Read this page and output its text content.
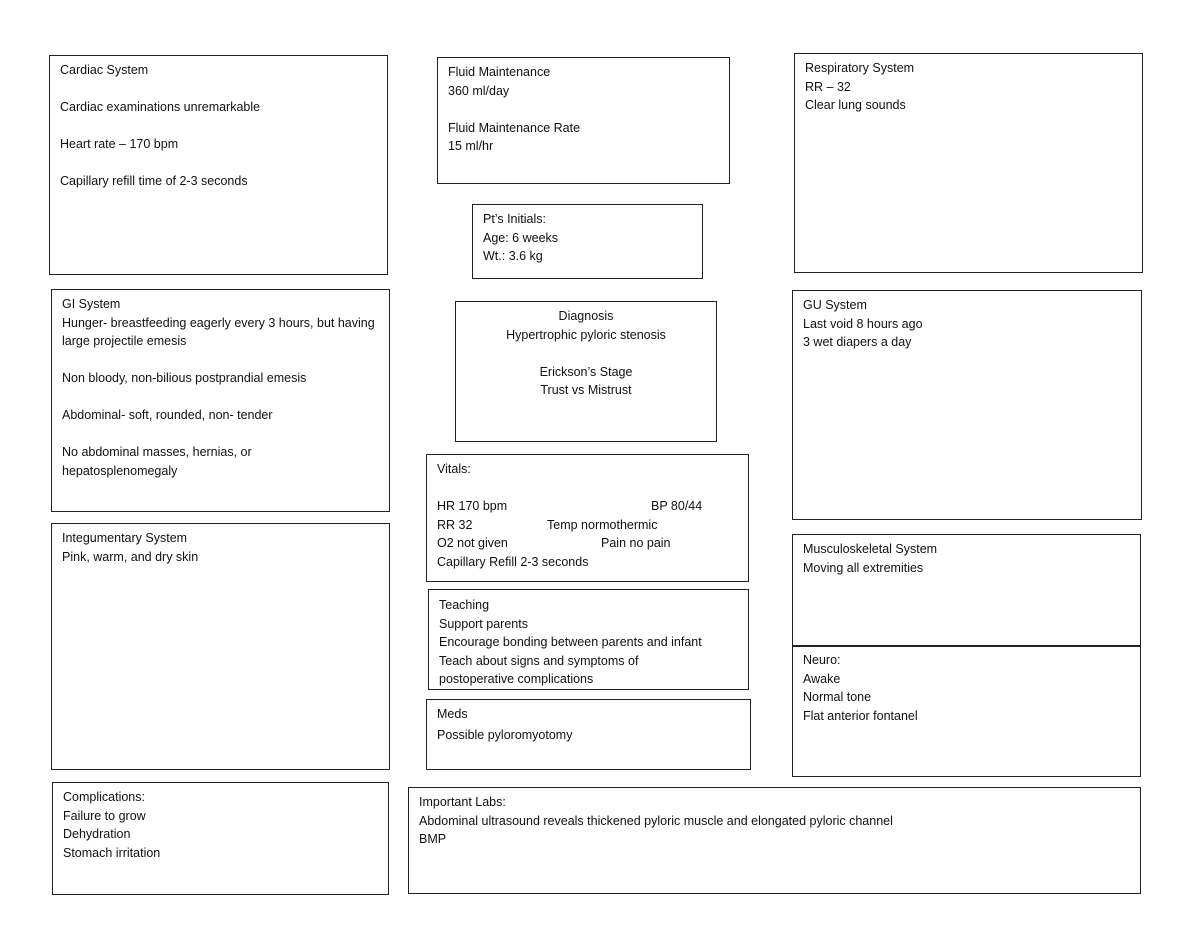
Cardiac System
Cardiac examinations unremarkable
Heart rate – 170 bpm
Capillary refill time of 2-3 seconds
Fluid Maintenance
360 ml/day
Fluid Maintenance Rate
15 ml/hr
Respiratory System
RR – 32
Clear lung sounds
Pt’s Initials:
Age: 6 weeks
Wt.: 3.6 kg
GI System
Hunger- breastfeeding eagerly every 3 hours, but having large projectile emesis
Non bloody, non-bilious postprandial emesis
Abdominal- soft, rounded, non- tender
No abdominal masses, hernias, or hepatosplenomegaly
Diagnosis
Hypertrophic pyloric stenosis
Erickson’s Stage
Trust vs Mistrust
GU System
Last void 8 hours ago
3 wet diapers a day
Vitals:
HR 170 bpm	BP 80/44
RR 32	Temp normothermic
O2 not given	Pain no pain
Capillary Refill 2-3 seconds
Integumentary System
Pink, warm, and dry skin
Musculoskeletal System
Moving all extremities
Teaching
Support parents
Encourage bonding between parents and infant
Teach about signs and symptoms of
postoperative complications
Neuro:
Awake
Normal tone
Flat anterior fontanel
Meds
Possible pyloromyotomy
Complications:
Failure to grow
Dehydration
Stomach irritation
Important Labs:
Abdominal ultrasound reveals thickened pyloric muscle and elongated pyloric channel
BMP
